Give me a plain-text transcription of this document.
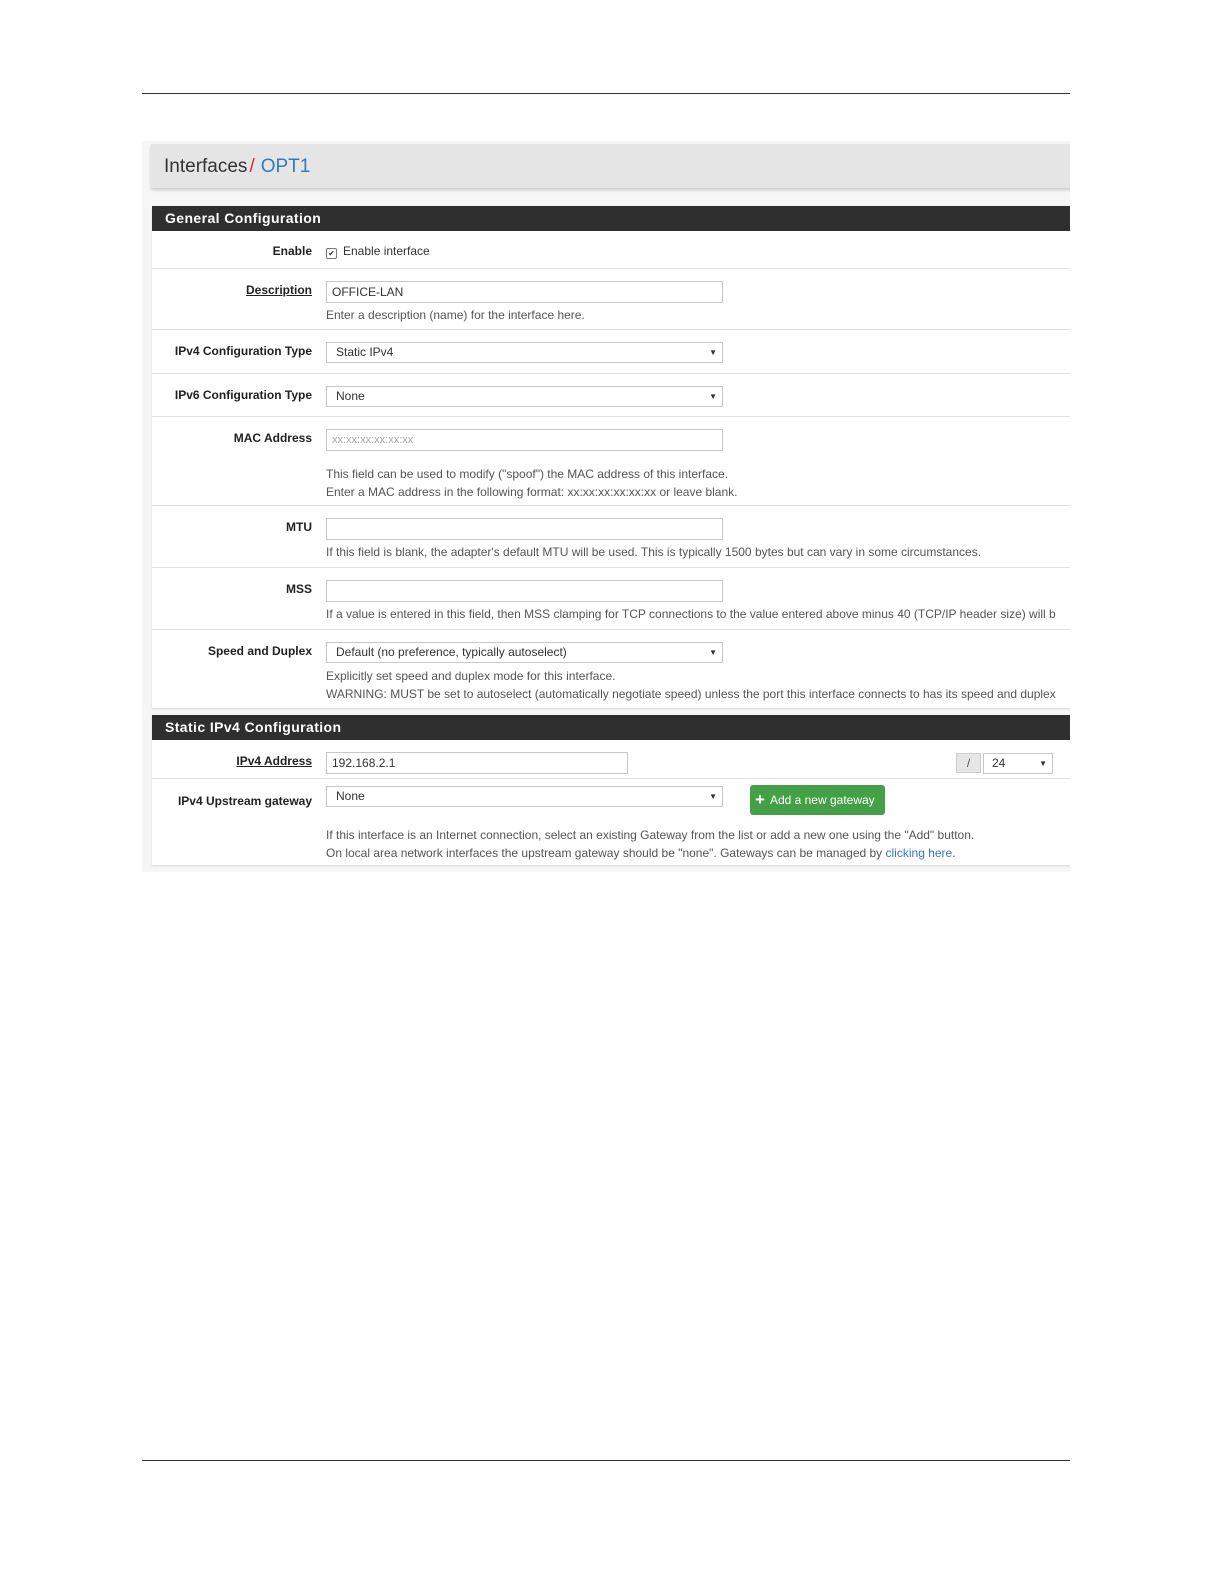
Interfaces / OPT1
General Configuration
Enable ✔ Enable interface
Description	OFFICE-LAN
Enter a description (name) for the interface here.
IPv4 Configuration Type	Static IPv4	▼
IPv6 Configuration Type	None	▼
MAC Address	xx:xx:xx:xx:xx:xx
This field can be used to modify ("spoof") the MAC address of this interface.
Enter a MAC address in the following format: xx:xx:xx:xx:xx:xx or leave blank.
MTU
If this field is blank, the adapter's default MTU will be used. This is typically 1500 bytes but can vary in some circumstances.
MSS
If a value is entered in this field, then MSS clamping for TCP connections to the value entered above minus 40 (TCP/IP header size) will b
Speed and Duplex	Default (no preference, typically autoselect)	▼
Explicitly set speed and duplex mode for this interface.
WARNING: MUST be set to autoselect (automatically negotiate speed) unless the port this interface connects to has its speed and duplex
Static IPv4 Configuration
IPv4 Address	192.168.2.1	/	24	▼
IPv4 Upstream gateway	None	▼ + Add a new gateway
If this interface is an Internet connection, select an existing Gateway from the list or add a new one using the "Add" button.
On local area network interfaces the upstream gateway should be "none". Gateways can be managed by clicking here.
